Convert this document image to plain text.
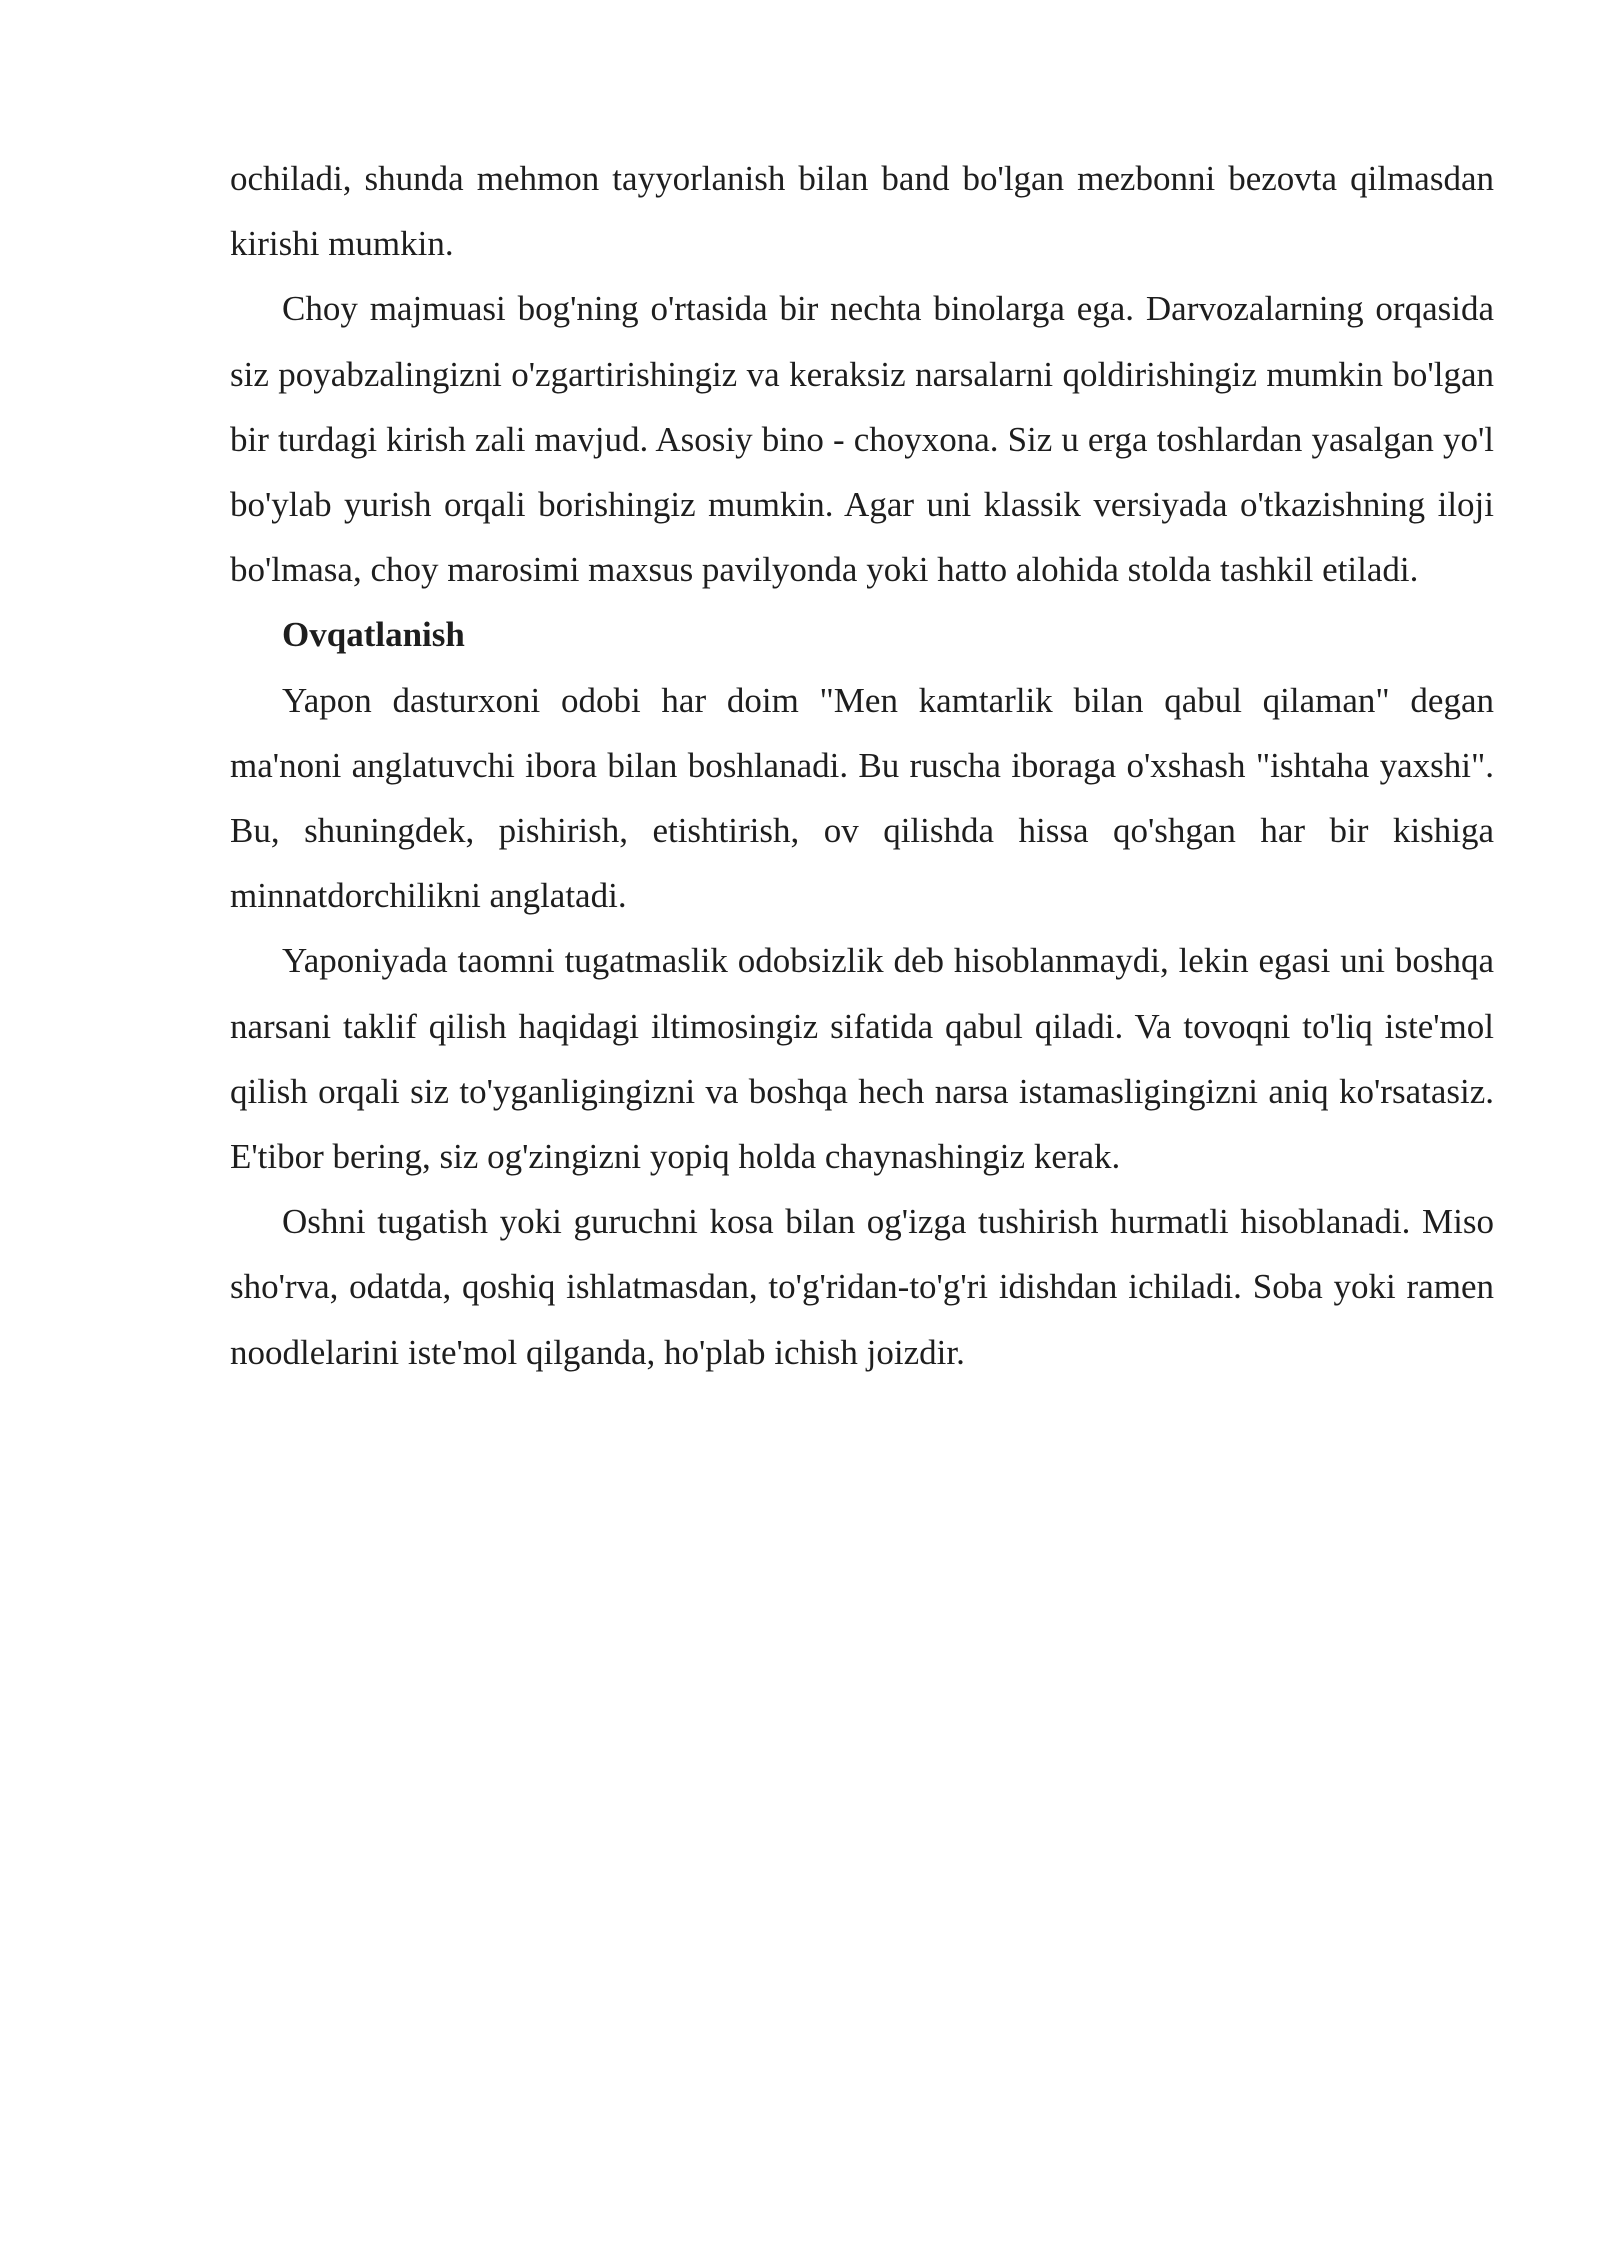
ochiladi, shunda mehmon tayyorlanish bilan band bo'lgan mezbonni bezovta qilmasdan kirishi mumkin.

Choy majmuasi bog'ning o'rtasida bir nechta binolarga ega. Darvozalarning orqasida siz poyabzalingizni o'zgartirishingiz va keraksiz narsalarni qoldirishingiz mumkin bo'lgan bir turdagi kirish zali mavjud. Asosiy bino - choyxona. Siz u erga toshlardan yasalgan yo'l bo'ylab yurish orqali borishingiz mumkin. Agar uni klassik versiyada o'tkazishning iloji bo'lmasa, choy marosimi maxsus pavilyonda yoki hatto alohida stolda tashkil etiladi.

Ovqatlanish

Yapon dasturxoni odobi har doim "Men kamtarlik bilan qabul qilaman" degan ma'noni anglatuvchi ibora bilan boshlanadi. Bu ruscha iboraga o'xshash "ishtaha yaxshi". Bu, shuningdek, pishirish, etishtirish, ov qilishda hissa qo'shgan har bir kishiga minnatdorchilikni anglatadi.

Yaponiyada taomni tugatmaslik odobsizlik deb hisoblanmaydi, lekin egasi uni boshqa narsani taklif qilish haqidagi iltimosingiz sifatida qabul qiladi. Va tovoqni to'liq iste'mol qilish orqali siz to'yganligingizni va boshqa hech narsa istamasligingizni aniq ko'rsatasiz. E'tibor bering, siz og'zingizni yopiq holda chaynashingiz kerak.

Oshni tugatish yoki guruchni kosa bilan og'izga tushirish hurmatli hisoblanadi. Miso sho'rva, odatda, qoshiq ishlatmasdan, to'g'ridan-to'g'ri idishdan ichiladi. Soba yoki ramen noodlelarini iste'mol qilganda, ho'plab ichish joizdir.
